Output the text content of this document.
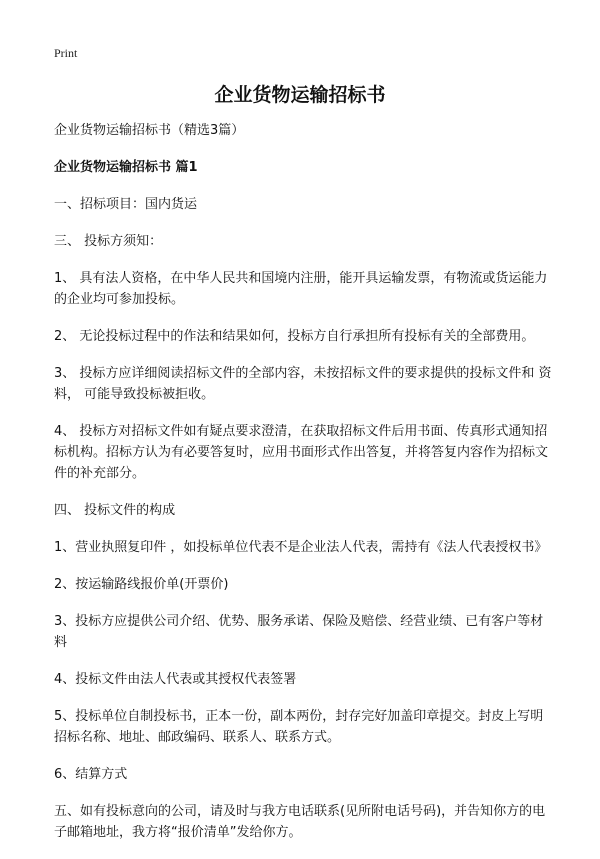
Print
企业货物运输招标书

企业货物运输招标书（精选3篇）

企业货物运输招标书 篇1

一、招标项目：国内货运

三、 投标方须知：

1、 具有法人资格，在中华人民共和国境内注册，能开具运输发票，有物流或货运能力的企业均可参加投标。

2、 无论投标过程中的作法和结果如何，投标方自行承担所有投标有关的全部费用。

3、 投标方应详细阅读招标文件的全部内容，未按招标文件的要求提供的投标文件和 资料， 可能导致投标被拒收。

4、 投标方对招标文件如有疑点要求澄清，在获取招标文件后用书面、传真形式通知招标机构。招标方认为有必要答复时，应用书面形式作出答复，并将答复内容作为招标文件的补充部分。

四、 投标文件的构成

1、营业执照复印件 ，如投标单位代表不是企业法人代表，需持有《法人代表授权书》

2、按运输路线报价单(开票价)

3、投标方应提供公司介绍、优势、服务承诺、保险及赔偿、经营业绩、已有客户等材料

4、投标文件由法人代表或其授权代表签署

5、投标单位自制投标书，正本一份，副本两份，封存完好加盖印章提交。封皮上写明招标名称、地址、邮政编码、联系人、联系方式。

6、结算方式

五、如有投标意向的公司，请及时与我方电话联系(见所附电话号码)，并告知你方的电子邮箱地址，我方将“报价清单”发给你方。
